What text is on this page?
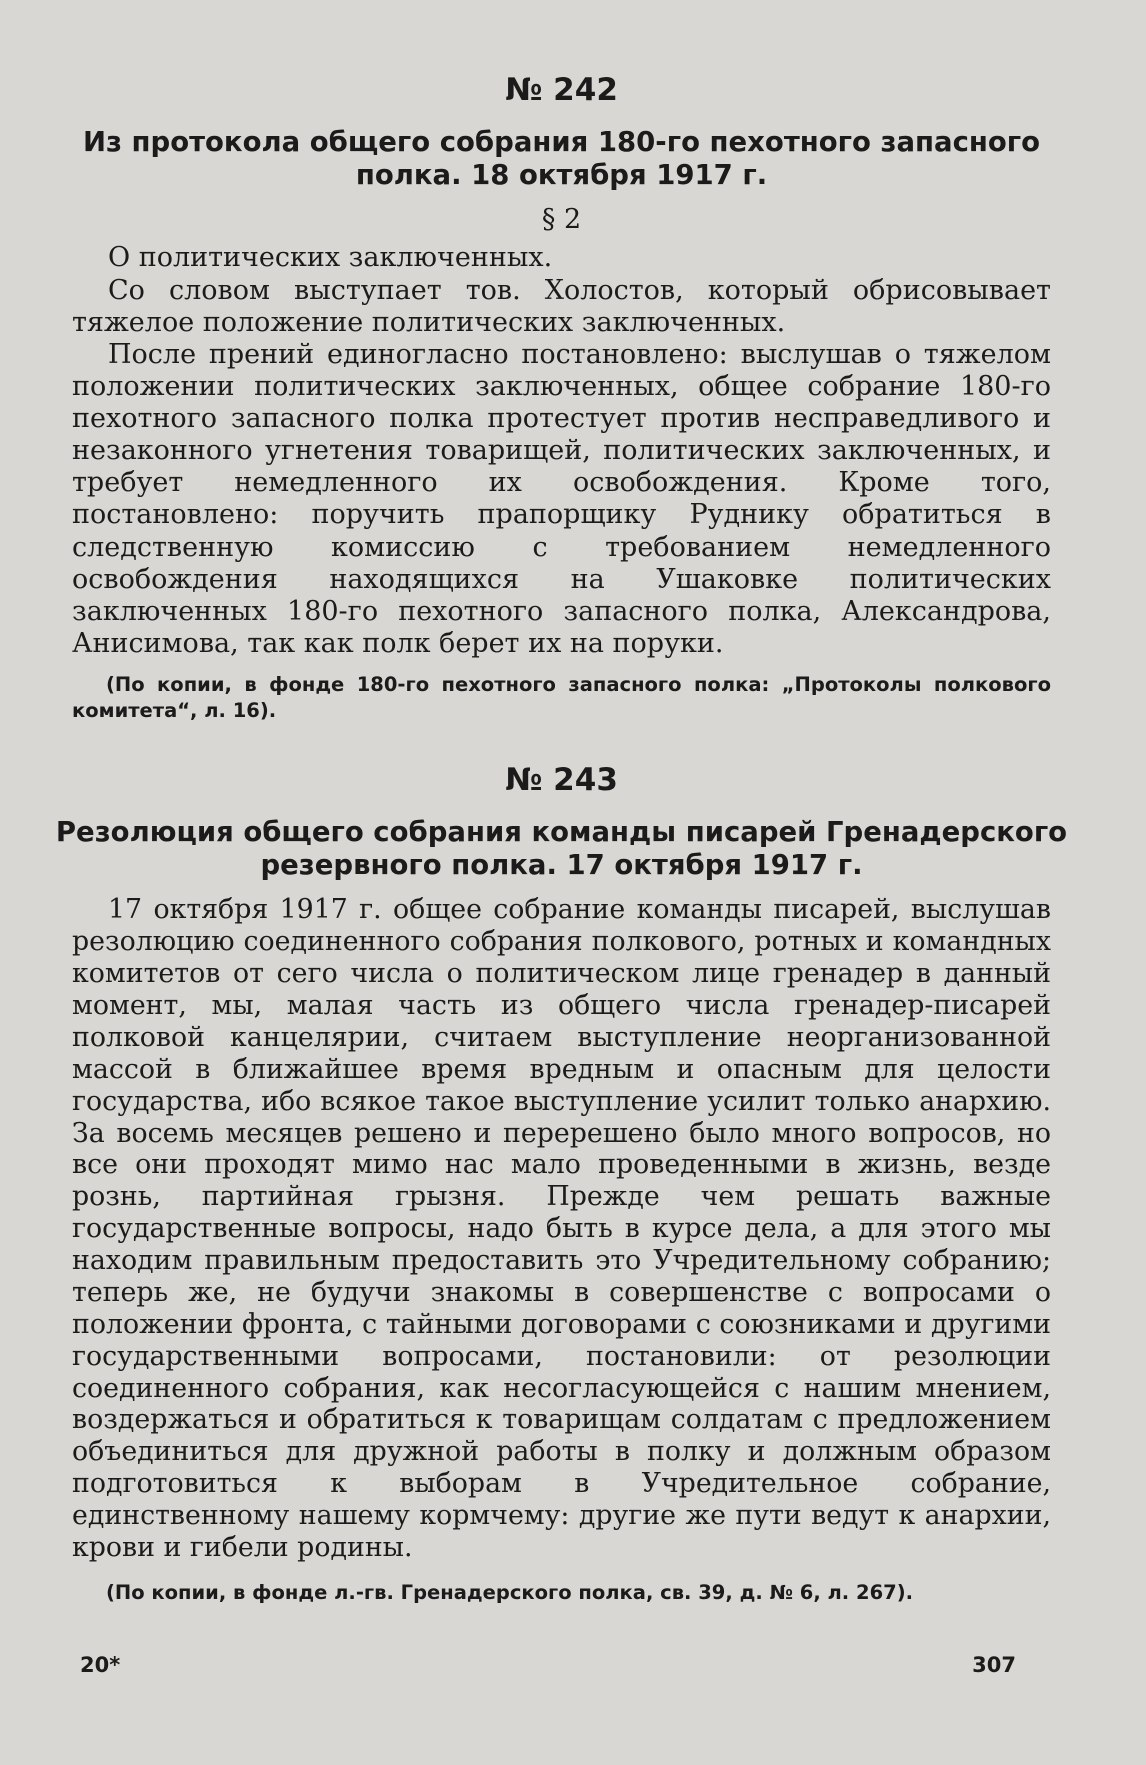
№ 242
Из протокола общего собрания 180-го пехотного запасного полка. 18 октября 1917 г.
§ 2

О политических заключенных.

Со словом выступает тов. Холостов, который обрисовывает тяжелое положение политических заключенных.

После прений единогласно постановлено: выслушав о тяжелом положении политических заключенных, общее собрание 180-го пехотного запасного полка протестует против несправедливого и незаконного угнетения товарищей, политических заключенных, и требует немедленного их освобождения. Кроме того, постановлено: поручить прапорщику Руднику обратиться в следственную комиссию с требованием немедленного освобождения находящихся на Ушаковке политических заключенных 180-го пехотного запасного полка, Александрова, Анисимова, так как полк берет их на поруки.

(По копии, в фонде 180-го пехотного запасного полка: „Протоколы полкового комитета“, л. 16).

№ 243
Резолюция общего собрания команды писарей Гренадерского резервного полка. 17 октября 1917 г.

17 октября 1917 г. общее собрание команды писарей, выслушав резолюцию соединенного собрания полкового, ротных и командных комитетов от сего числа о политическом лице гренадер в данный момент, мы, малая часть из общего числа гренадер-писарей полковой канцелярии, считаем выступление неорганизованной массой в ближайшее время вредным и опасным для целости государства, ибо всякое такое выступление усилит только анархию. За восемь месяцев решено и перерешено было много вопросов, но все они проходят мимо нас мало проведенными в жизнь, везде рознь, партийная грызня. Прежде чем решать важные государственные вопросы, надо быть в курсе дела, а для этого мы находим правильным предоставить это Учредительному собранию; теперь же, не будучи знакомы в совершенстве с вопросами о положении фронта, с тайными договорами с союзниками и другими государственными вопросами, постановили: от резолюции соединенного собрания, как несогласующейся с нашим мнением, воздержаться и обратиться к товарищам солдатам с предложением объединиться для дружной работы в полку и должным образом подготовиться к выборам в Учредительное собрание, единственному нашему кормчему: другие же пути ведут к анархии, крови и гибели родины.

(По копии, в фонде л.-гв. Гренадерского полка, св. 39, д. № 6, л. 267).

20*	307
